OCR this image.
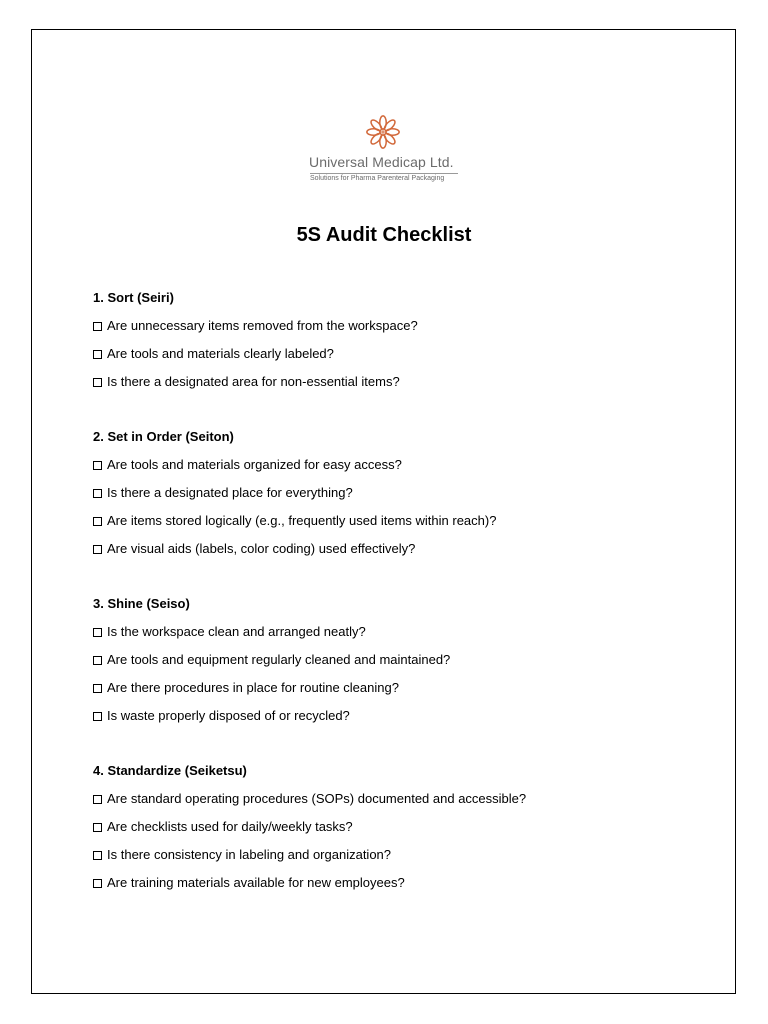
Universal Medicap Ltd.
Solutions for Pharma Parenteral Packaging
5S Audit Checklist
1. Sort (Seiri)
Are unnecessary items removed from the workspace?
Are tools and materials clearly labeled?
Is there a designated area for non-essential items?
2. Set in Order (Seiton)
Are tools and materials organized for easy access?
Is there a designated place for everything?
Are items stored logically (e.g., frequently used items within reach)?
Are visual aids (labels, color coding) used effectively?
3. Shine (Seiso)
Is the workspace clean and arranged neatly?
Are tools and equipment regularly cleaned and maintained?
Are there procedures in place for routine cleaning?
Is waste properly disposed of or recycled?
4. Standardize (Seiketsu)
Are standard operating procedures (SOPs) documented and accessible?
Are checklists used for daily/weekly tasks?
Is there consistency in labeling and organization?
Are training materials available for new employees?
